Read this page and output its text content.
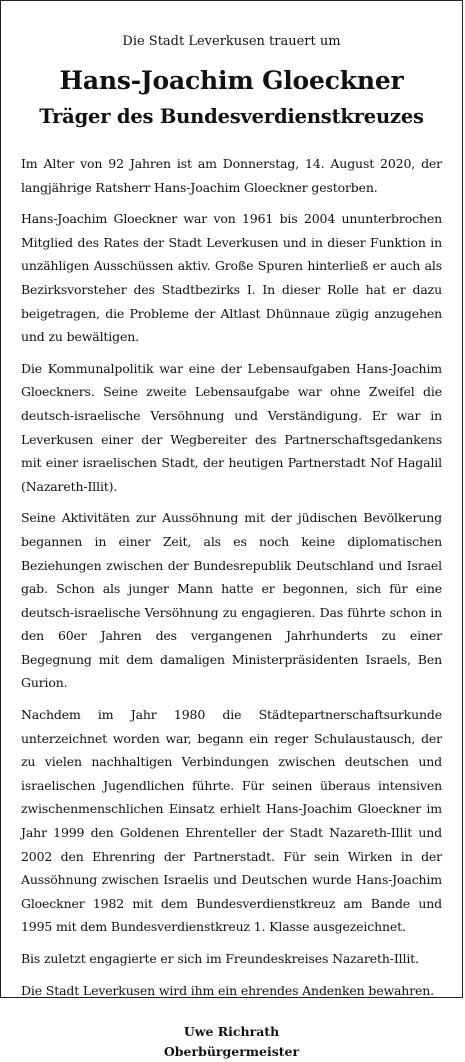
Die Stadt Leverkusen trauert um
Hans-Joachim Gloeckner
Träger des Bundesverdienstkreuzes

Im Alter von 92 Jahren ist am Donnerstag, 14. August 2020, der langjährige Ratsherr Hans-Joachim Gloeckner gestorben.

Hans-Joachim Gloeckner war von 1961 bis 2004 ununterbrochen Mitglied des Rates der Stadt Leverkusen und in dieser Funktion in unzähligen Ausschüssen aktiv. Große Spuren hinterließ er auch als Bezirksvorsteher des Stadtbezirks I. In dieser Rolle hat er dazu beigetragen, die Probleme der Altlast Dhünnaue zügig anzugehen und zu bewältigen.

Die Kommunalpolitik war eine der Lebensaufgaben Hans-Joachim Gloeckners. Seine zweite Lebensaufgabe war ohne Zweifel die deutsch-israelische Versöhnung und Verständigung. Er war in Leverkusen einer der Wegbereiter des Partnerschaftsgedankens mit einer israelischen Stadt, der heutigen Partnerstadt Nof Hagalil (Nazareth-Illit).

Seine Aktivitäten zur Aussöhnung mit der jüdischen Bevölkerung begannen in einer Zeit, als es noch keine diplomatischen Beziehungen zwischen der Bundesrepublik Deutschland und Israel gab. Schon als junger Mann hatte er begonnen, sich für eine deutsch-israelische Versöhnung zu engagieren. Das führte schon in den 60er Jahren des vergangenen Jahrhunderts zu einer Begegnung mit dem damaligen Ministerpräsidenten Israels, Ben Gurion.

Nachdem im Jahr 1980 die Städtepartnerschaftsurkunde unterzeichnet worden war, begann ein reger Schulaustausch, der zu vielen nachhaltigen Verbindungen zwischen deutschen und israelischen Jugendlichen führte. Für seinen überaus intensiven zwischenmenschlichen Einsatz erhielt Hans-Joachim Gloeckner im Jahr 1999 den Goldenen Ehrenteller der Stadt Nazareth-Illit und 2002 den Ehrenring der Partnerstadt. Für sein Wirken in der Aussöhnung zwischen Israelis und Deutschen wurde Hans-Joachim Gloeckner 1982 mit dem Bundesverdienstkreuz am Bande und 1995 mit dem Bundesverdienstkreuz 1. Klasse ausgezeichnet.

Bis zuletzt engagierte er sich im Freundeskreises Nazareth-Illit.

Die Stadt Leverkusen wird ihm ein ehrendes Andenken bewahren.

Uwe Richrath
Oberbürgermeister
